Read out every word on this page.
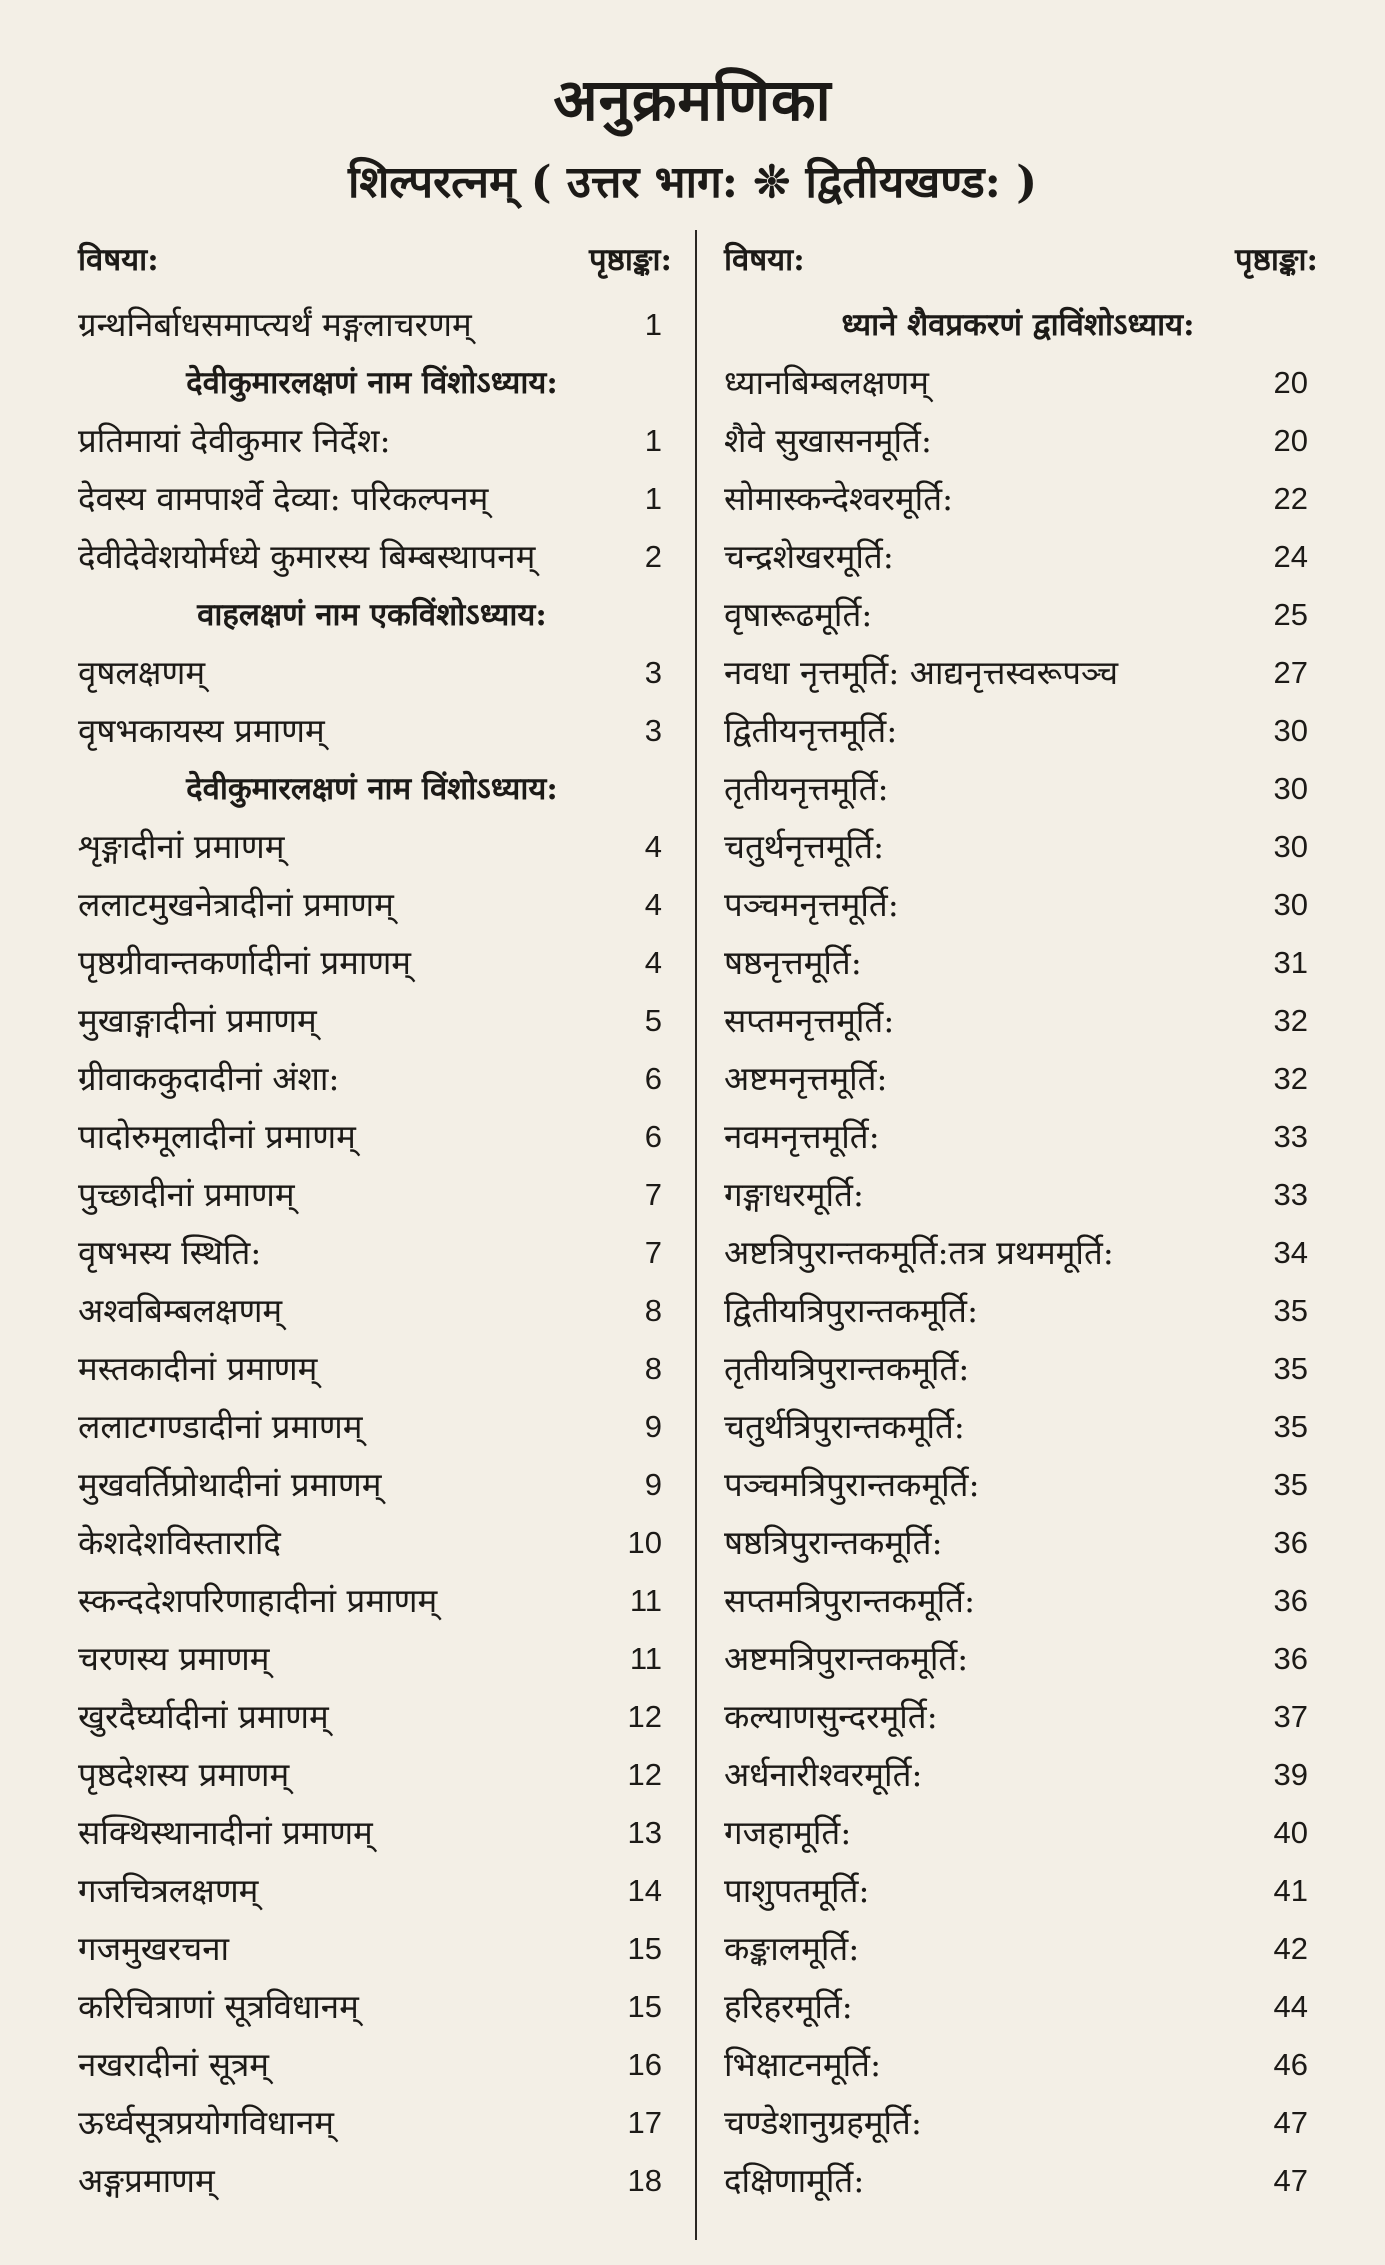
अनुक्रमणिका
शिल्परत्नम् ( उत्तर भाग: ❊ द्वितीयखण्ड: )
विषया:	पृष्ठाङ्का:
ग्रन्थनिर्बाधसमाप्त्यर्थं मङ्गलाचरणम्	1
देवीकुमारलक्षणं नाम विंशोऽध्याय:
प्रतिमायां देवीकुमार निर्देश:	1
देवस्य वामपार्श्वे देव्या: परिकल्पनम्	1
देवीदेवेशयोर्मध्ये कुमारस्य बिम्बस्थापनम्	2
वाहलक्षणं नाम एकविंशोऽध्याय:
वृषलक्षणम्	3
वृषभकायस्य प्रमाणम्	3
देवीकुमारलक्षणं नाम विंशोऽध्याय:
शृङ्गादीनां प्रमाणम्	4
ललाटमुखनेत्रादीनां प्रमाणम्	4
पृष्ठग्रीवान्तकर्णादीनां प्रमाणम्	4
मुखाङ्गादीनां प्रमाणम्	5
ग्रीवाककुदादीनां अंशा:	6
पादोरुमूलादीनां प्रमाणम्	6
पुच्छादीनां प्रमाणम्	7
वृषभस्य स्थिति:	7
अश्वबिम्बलक्षणम्	8
मस्तकादीनां प्रमाणम्	8
ललाटगण्डादीनां प्रमाणम्	9
मुखवर्तिप्रोथादीनां प्रमाणम्	9
केशदेशविस्तारादि	10
स्कन्ददेशपरिणाहादीनां प्रमाणम्	11
चरणस्य प्रमाणम्	11
खुरदैर्घ्यादीनां प्रमाणम्	12
पृष्ठदेशस्य प्रमाणम्	12
सक्थिस्थानादीनां प्रमाणम्	13
गजचित्रलक्षणम्	14
गजमुखरचना	15
करिचित्राणां सूत्रविधानम्	15
नखरादीनां सूत्रम्	16
ऊर्ध्वसूत्रप्रयोगविधानम्	17
अङ्गप्रमाणम्	18
विषया:	पृष्ठाङ्का:
ध्याने शैवप्रकरणं द्वाविंशोऽध्याय:
ध्यानबिम्बलक्षणम्	20
शैवे सुखासनमूर्ति:	20
सोमास्कन्देश्वरमूर्ति:	22
चन्द्रशेखरमूर्ति:	24
वृषारूढमूर्ति:	25
नवधा नृत्तमूर्ति: आद्यनृत्तस्वरूपञ्च	27
द्वितीयनृत्तमूर्ति:	30
तृतीयनृत्तमूर्ति:	30
चतुर्थनृत्तमूर्ति:	30
पञ्चमनृत्तमूर्ति:	30
षष्ठनृत्तमूर्ति:	31
सप्तमनृत्तमूर्ति:	32
अष्टमनृत्तमूर्ति:	32
नवमनृत्तमूर्ति:	33
गङ्गाधरमूर्ति:	33
अष्टत्रिपुरान्तकमूर्ति:तत्र प्रथममूर्ति:	34
द्वितीयत्रिपुरान्तकमूर्ति:	35
तृतीयत्रिपुरान्तकमूर्ति:	35
चतुर्थत्रिपुरान्तकमूर्ति:	35
पञ्चमत्रिपुरान्तकमूर्ति:	35
षष्ठत्रिपुरान्तकमूर्ति:	36
सप्तमत्रिपुरान्तकमूर्ति:	36
अष्टमत्रिपुरान्तकमूर्ति:	36
कल्याणसुन्दरमूर्ति:	37
अर्धनारीश्वरमूर्ति:	39
गजहामूर्ति:	40
पाशुपतमूर्ति:	41
कङ्कालमूर्ति:	42
हरिहरमूर्ति:	44
भिक्षाटनमूर्ति:	46
चण्डेशानुग्रहमूर्ति:	47
दक्षिणामूर्ति:	47
